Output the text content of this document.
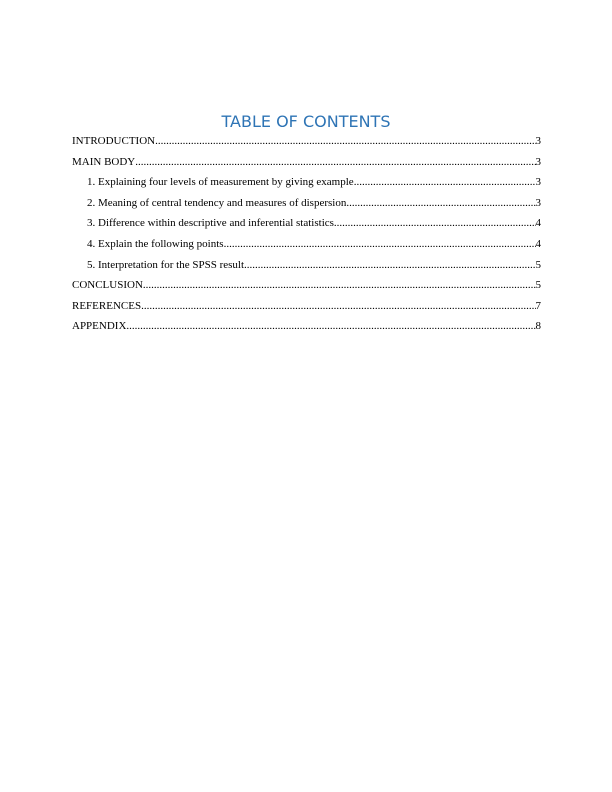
TABLE OF CONTENTS
INTRODUCTION .....	3
MAIN BODY .....	3
1. Explaining four levels of measurement by giving example .....	3
2. Meaning of central tendency and measures of dispersion .....	3
3. Difference within descriptive and inferential statistics .....	4
4. Explain the following points .....	4
5. Interpretation for the SPSS result .....	5
CONCLUSION .....	5
REFERENCES .....	7
APPENDIX .....	8
